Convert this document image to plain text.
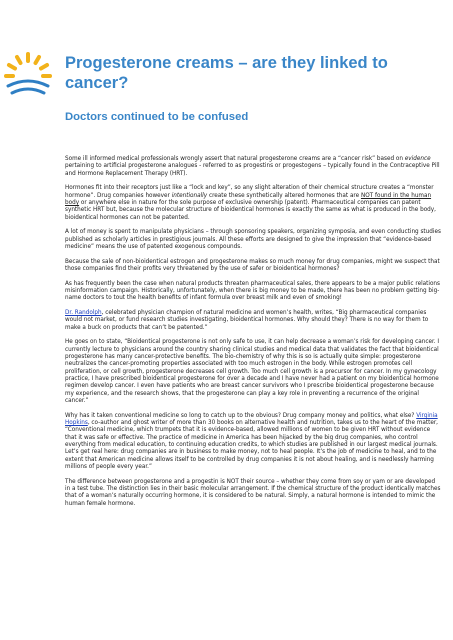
Progesterone creams – are they linked to cancer?
Doctors continued to be confused

Some ill informed medical professionals wrongly assert that natural progesterone creams are a “cancer risk” based on evidence pertaining to artificial progesterone analogues - referred to as progestins or progestogens – typically found in the Contraceptive Pill and Hormone Replacement Therapy (HRT).

Hormones fit into their receptors just like a “lock and key”, so any slight alteration of their chemical structure creates a “monster hormone”. Drug companies however intentionally create these synthetically altered hormones that are NOT found in the human body or anywhere else in nature for the sole purpose of exclusive ownership (patent). Pharmaceutical companies can patent synthetic HRT but, because the molecular structure of bioidentical hormones is exactly the same as what is produced in the body, bioidentical hormones can not be patented.

A lot of money is spent to manipulate physicians – through sponsoring speakers, organizing symposia, and even conducting studies published as scholarly articles in prestigious journals. All these efforts are designed to give the impression that “evidence-based medicine” means the use of patented exogenous compounds.

Because the sale of non-bioidentical estrogen and progesterone makes so much money for drug companies, might we suspect that those companies find their profits very threatened by the use of safer or bioidentical hormones?

As has frequently been the case when natural products threaten pharmaceutical sales, there appears to be a major public relations misinformation campaign. Historically, unfortunately, when there is big money to be made, there has been no problem getting big-name doctors to tout the health benefits of infant formula over breast milk and even of smoking!

Dr. Randolph, celebrated physician champion of natural medicine and women’s health, writes, “Big pharmaceutical companies would not market, or fund research studies investigating, bioidentical hormones. Why should they? There is no way for them to make a buck on products that can’t be patented.”

He goes on to state, “Bioidentical progesterone is not only safe to use, it can help decrease a woman’s risk for developing cancer. I currently lecture to physicians around the country sharing clinical studies and medical data that validates the fact that bioidentical progesterone has many cancer-protective benefits. The bio-chemistry of why this is so is actually quite simple: progesterone neutralizes the cancer-promoting properties associated with too much estrogen in the body. While estrogen promotes cell proliferation, or cell growth, progesterone decreases cell growth. Too much cell growth is a precursor for cancer. In my gynecology practice, I have prescribed bioidentical progesterone for over a decade and I have never had a patient on my bioidentical hormone regimen develop cancer. I even have patients who are breast cancer survivors who I prescribe bioidentical progesterone because my experience, and the research shows, that the progesterone can play a key role in preventing a recurrence of the original cancer.”

Why has it taken conventional medicine so long to catch up to the obvious? Drug company money and politics, what else? Virginia Hopkins, co-author and ghost writer of more than 30 books on alternative health and nutrition, takes us to the heart of the matter, “Conventional medicine, which trumpets that it is evidence-based, allowed millions of women to be given HRT without evidence that it was safe or effective. The practice of medicine in America has been hijacked by the big drug companies, who control everything from medical education, to continuing education credits, to which studies are published in our largest medical journals. Let’s get real here: drug companies are in business to make money, not to heal people. It’s the job of medicine to heal, and to the extent that American medicine allows itself to be controlled by drug companies it is not about healing, and is needlessly harming millions of people every year.”

The difference between progesterone and a progestin is NOT their source – whether they come from soy or yam or are developed in a test tube. The distinction lies in their basic molecular arrangement. If the chemical structure of the product identically matches that of a woman’s naturally occurring hormone, it is considered to be natural. Simply, a natural hormone is intended to mimic the human female hormone.
